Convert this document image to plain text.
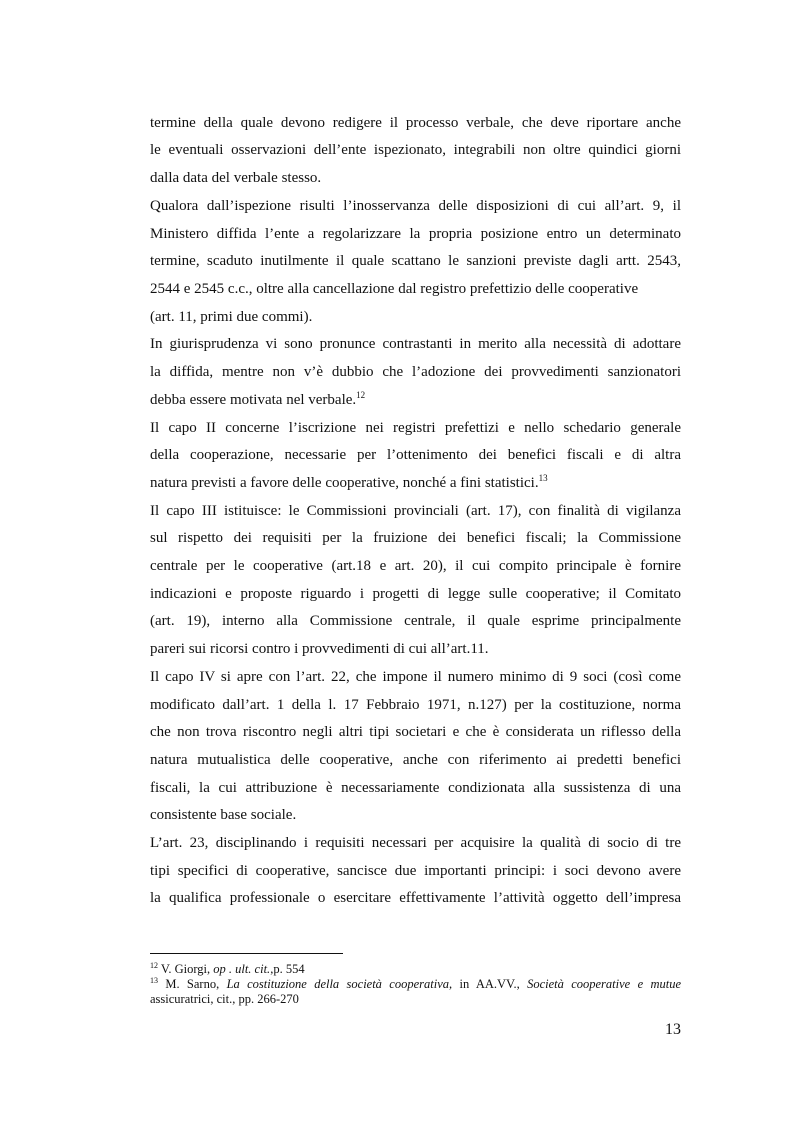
termine della quale devono redigere il processo verbale, che deve riportare anche
le eventuali osservazioni dell’ente ispezionato, integrabili non oltre quindici giorni
dalla data del verbale stesso.
Qualora dall’ispezione risulti l’inosservanza delle disposizioni di cui all’art. 9, il
Ministero diffida l’ente a regolarizzare la propria posizione entro un determinato
termine, scaduto inutilmente il quale scattano le sanzioni previste dagli artt. 2543,
2544 e 2545 c.c., oltre alla cancellazione dal registro prefettizio delle cooperative
(art. 11, primi due commi).
In giurisprudenza vi sono pronunce contrastanti in merito alla necessità di adottare
la diffida, mentre non v’è dubbio che l’adozione dei provvedimenti sanzionatori
debba essere motivata nel verbale.$^{12}$
Il capo II concerne l’iscrizione nei registri prefettizi e nello schedario generale
della cooperazione, necessarie per l’ottenimento dei benefici fiscali e di altra
natura previsti a favore delle cooperative, nonché a fini statistici.$^{13}$
Il capo III istituisce: le Commissioni provinciali (art. 17), con finalità di vigilanza
sul rispetto dei requisiti per la fruizione dei benefici fiscali; la Commissione
centrale per le cooperative (art.18 e art. 20), il cui compito principale è fornire
indicazioni e proposte riguardo i progetti di legge sulle cooperative; il Comitato
(art. 19), interno alla Commissione centrale, il quale esprime principalmente
pareri sui ricorsi contro i provvedimenti di cui all’art.11.
Il capo IV si apre con l’art. 22, che impone il numero minimo di 9 soci (così come
modificato dall’art. 1 della l. 17 Febbraio 1971, n.127) per la costituzione, norma
che non trova riscontro negli altri tipi societari e che è considerata un riflesso della
natura mutualistica delle cooperative, anche con riferimento ai predetti benefici
fiscali, la cui attribuzione è necessariamente condizionata alla sussistenza di una
consistente base sociale.
L’art. 23, disciplinando i requisiti necessari per acquisire la qualità di socio di tre
tipi specifici di cooperative, sancisce due importanti principi: i soci devono avere
la qualifica professionale o esercitare effettivamente l’attività oggetto dell’impresa
$^{12}$ V. Giorgi, op . ult. cit.,p. 554
$^{13}$ M. Sarno, La costituzione della società cooperativa, in AA.VV., Società cooperative e mutue
assicuratrici, cit., pp. 266-270
13
